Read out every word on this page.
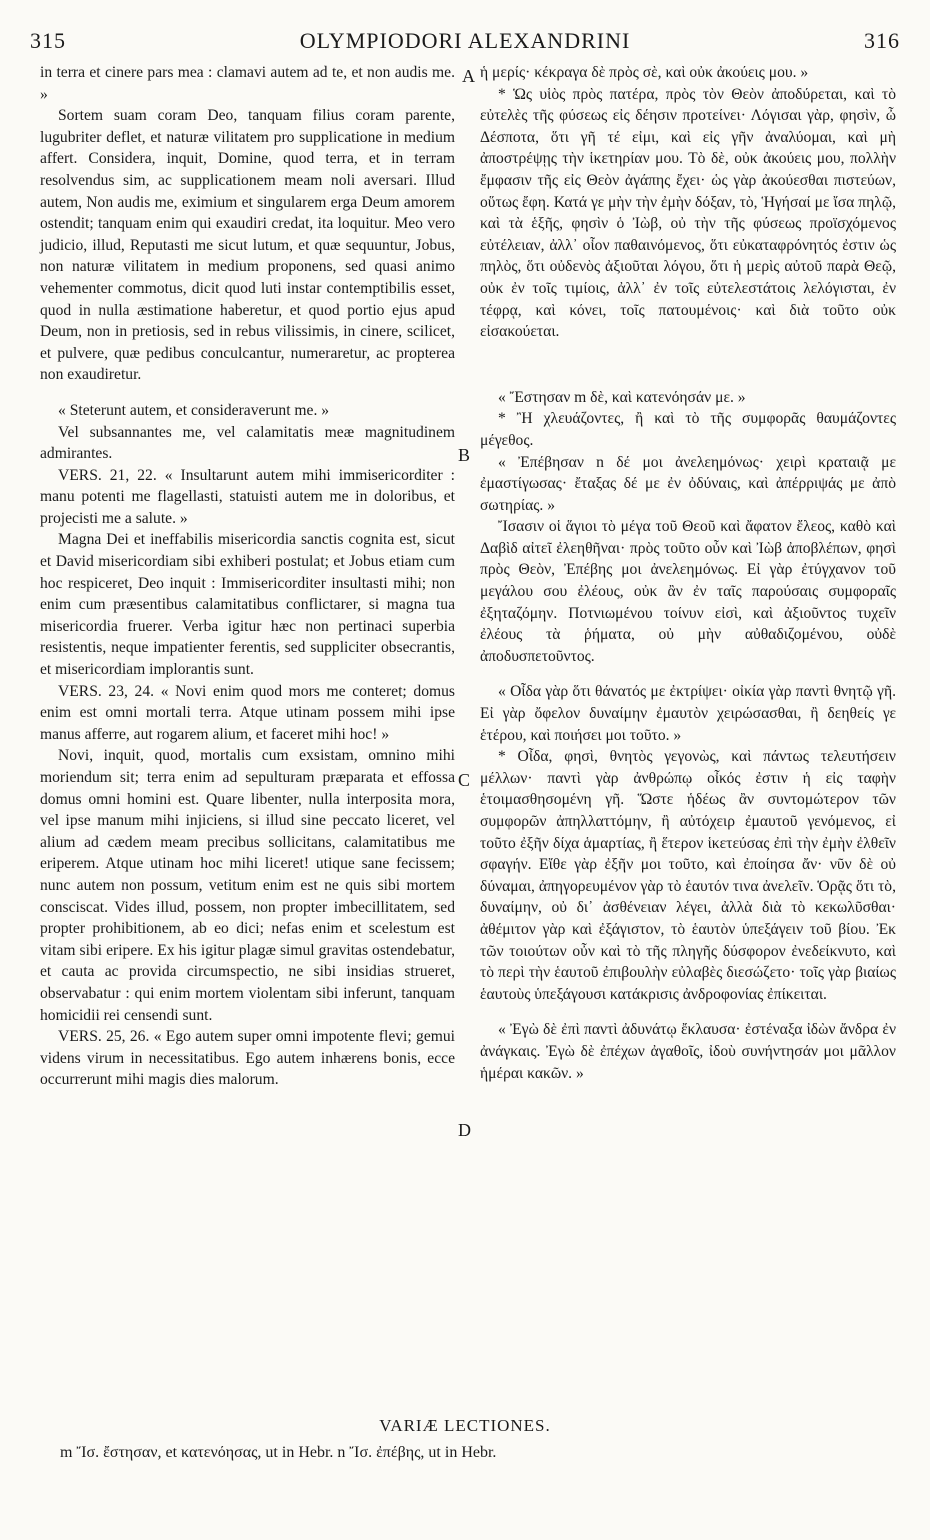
315	OLYMPIODORI ALEXANDRINI	316

in terra et cinere pars mea : clamavi autem ad te, et non audis me. »

Sortem suam coram Deo, tanquam filius coram parente, lugubriter deflet, et naturæ vilitatem pro supplicatione in medium affert. Considera, inquit, Domine, quod terra, et in terram resolvendus sim, ac supplicationem meam noli aversari. Illud autem, Non audis me, eximium et singularem erga Deum amorem ostendit; tanquam enim qui exaudiri credat, ita loquitur. Meo vero judicio, illud, Reputasti me sicut lutum, et quæ sequuntur, Jobus, non naturæ vilitatem in medium proponens, sed quasi animo vehementer commotus, dicit quod luti instar contemptibilis esset, quod in nulla æstimatione haberetur, et quod portio ejus apud Deum, non in pretiosis, sed in rebus vilissimis, in cinere, scilicet, et pulvere, quæ pedibus conculcantur, numeraretur, ac propterea non exaudiretur.

« Steterunt autem, et consideraverunt me. »

Vel subsannantes me, vel calamitatis meæ magnitudinem admirantes.

VERS. 21, 22. « Insultarunt autem mihi immisericorditer : manu potenti me flagellasti, statuisti autem me in doloribus, et projecisti me a salute. »

Magna Dei et ineffabilis misericordia sanctis cognita est, sicut et David misericordiam sibi exhiberi postulat; et Jobus etiam cum hoc respiceret, Deo inquit : Immisericorditer insultasti mihi; non enim cum præsentibus calamitatibus conflictarer, si magna tua misericordia fruerer. Verba igitur hæc non pertinaci superbia resistentis, neque impatienter ferentis, sed suppliciter obsecrantis, et misericordiam implorantis sunt.

VERS. 23, 24. « Novi enim quod mors me conteret; domus enim est omni mortali terra. Atque utinam possem mihi ipse manus afferre, aut rogarem alium, et faceret mihi hoc! »

Novi, inquit, quod, mortalis cum exsistam, omnino mihi moriendum sit; terra enim ad sepulturam præparata et effossa domus omni homini est. Quare libenter, nulla interposita mora, vel ipse manum mihi injiciens, si illud sine peccato liceret, vel alium ad cædem meam precibus sollicitans, calamitatibus me eriperem. Atque utinam hoc mihi liceret! utique sane fecissem; nunc autem non possum, vetitum enim est ne quis sibi mortem consciscat. Vides illud, possem, non propter imbecillitatem, sed propter prohibitionem, ab eo dici; nefas enim et scelestum est vitam sibi eripere. Ex his igitur plagæ simul gravitas ostendebatur, et cauta ac provida circumspectio, ne sibi insidias strueret, observabatur : qui enim mortem violentam sibi inferunt, tanquam homicidii rei censendi sunt.

VERS. 25, 26. « Ego autem super omni impotente flevi; gemui videns virum in necessitatibus. Ego autem inhærens bonis, ecce occurrerunt mihi magis dies malorum.

A
B
C
D

ἡ μερίς· κέκραγα δὲ πρὸς σὲ, καὶ οὐκ ἀκούεις μου. »

* Ὡς υἱὸς πρὸς πατέρα, πρὸς τὸν Θεὸν ἀποδύρεται, καὶ τὸ εὐτελὲς τῆς φύσεως εἰς δέησιν προτείνει· Λόγισαι γὰρ, φησὶν, ὦ Δέσποτα, ὅτι γῆ τέ εἰμι, καὶ εἰς γῆν ἀναλύομαι, καὶ μὴ ἀποστρέψῃς τὴν ἱκετηρίαν μου. Τὸ δὲ, οὐκ ἀκούεις μου, πολλὴν ἔμφασιν τῆς εἰς Θεὸν ἀγάπης ἔχει· ὡς γὰρ ἀκούεσθαι πιστεύων, οὕτως ἔφη. Κατά γε μὴν τὴν ἐμὴν δόξαν, τὸ, Ἡγήσαί με ἴσα πηλῷ, καὶ τὰ ἑξῆς, φησὶν ὁ Ἰὼβ, οὐ τὴν τῆς φύσεως προϊσχόμενος εὐτέλειαν, ἀλλ᾽ οἷον παθαινόμενος, ὅτι εὐκαταφρόνητός ἐστιν ὡς πηλὸς, ὅτι οὐδενὸς ἀξιοῦται λόγου, ὅτι ἡ μερὶς αὐτοῦ παρὰ Θεῷ, οὐκ ἐν τοῖς τιμίοις, ἀλλ᾽ ἐν τοῖς εὐτελεστάτοις λελόγισται, ἐν τέφρᾳ, καὶ κόνει, τοῖς πατουμένοις· καὶ διὰ τοῦτο οὐκ εἰσακούεται.

« Ἔστησαν m δὲ, καὶ κατενόησάν με. »

* Ἢ χλευάζοντες, ἢ καὶ τὸ τῆς συμφορᾶς θαυμάζοντες μέγεθος.

« Ἐπέβησαν n δέ μοι ἀνελεημόνως· χειρὶ κραταιᾷ με ἐμαστίγωσας· ἔταξας δέ με ἐν ὀδύναις, καὶ ἀπέρριψάς με ἀπὸ σωτηρίας. »

Ἴσασιν οἱ ἅγιοι τὸ μέγα τοῦ Θεοῦ καὶ ἄφατον ἔλεος, καθὸ καὶ Δαβὶδ αἰτεῖ ἐλεηθῆναι· πρὸς τοῦτο οὖν καὶ Ἰὼβ ἀποβλέπων, φησὶ πρὸς Θεὸν, Ἐπέβης μοι ἀνελεημόνως. Εἰ γὰρ ἐτύγχανον τοῦ μεγάλου σου ἐλέους, οὐκ ἂν ἐν ταῖς παρούσαις συμφοραῖς ἐξηταζόμην. Ποτνιωμένου τοίνυν εἰσὶ, καὶ ἀξιοῦντος τυχεῖν ἐλέους τὰ ῥήματα, οὐ μὴν αὐθαδιζομένου, οὐδὲ ἀποδυσπετοῦντος.

« Οἶδα γὰρ ὅτι θάνατός με ἐκτρίψει· οἰκία γὰρ παντὶ θνητῷ γῆ. Εἰ γὰρ ὄφελον δυναίμην ἐμαυτὸν χειρώσασθαι, ἢ δεηθείς γε ἑτέρου, καὶ ποιήσει μοι τοῦτο. »

* Οἶδα, φησὶ, θνητὸς γεγονὼς, καὶ πάντως τελευτήσειν μέλλων· παντὶ γὰρ ἀνθρώπῳ οἶκός ἐστιν ἡ εἰς ταφὴν ἑτοιμασθησομένη γῆ. Ὥστε ἡδέως ἂν συντομώτερον τῶν συμφορῶν ἀπηλλαττόμην, ἢ αὐτόχειρ ἐμαυτοῦ γενόμενος, εἰ τοῦτο ἐξῆν δίχα ἁμαρτίας, ἢ ἕτερον ἱκετεύσας ἐπὶ τὴν ἐμὴν ἐλθεῖν σφαγήν. Εἴθε γὰρ ἐξῆν μοι τοῦτο, καὶ ἐποίησα ἄν· νῦν δὲ οὐ δύναμαι, ἀπηγορευμένον γὰρ τὸ ἑαυτόν τινα ἀνελεῖν. Ὁρᾷς ὅτι τὸ, δυναίμην, οὐ δι᾽ ἀσθένειαν λέγει, ἀλλὰ διὰ τὸ κεκωλῦσθαι· ἀθέμιτον γὰρ καὶ ἐξάγιστον, τὸ ἑαυτὸν ὑπεξάγειν τοῦ βίου. Ἐκ τῶν τοιούτων οὖν καὶ τὸ τῆς πληγῆς δύσφορον ἐνεδείκνυτο, καὶ τὸ περὶ τὴν ἑαυτοῦ ἐπιβουλὴν εὐλαβὲς διεσώζετο· τοῖς γὰρ βιαίως ἑαυτοὺς ὑπεξάγουσι κατάκρισις ἀνδροφονίας ἐπίκειται.

« Ἐγὼ δὲ ἐπὶ παντὶ ἀδυνάτῳ ἔκλαυσα· ἐστέναξα ἰδὼν ἄνδρα ἐν ἀνάγκαις. Ἐγὼ δὲ ἐπέχων ἀγαθοῖς, ἰδοὺ συνήντησάν μοι μᾶλλον ἡμέραι κακῶν. »

VARIÆ LECTIONES.
m Ἴσ. ἔστησαν, et κατενόησας, ut in Hebr. n Ἴσ. ἐπέβης, ut in Hebr.
